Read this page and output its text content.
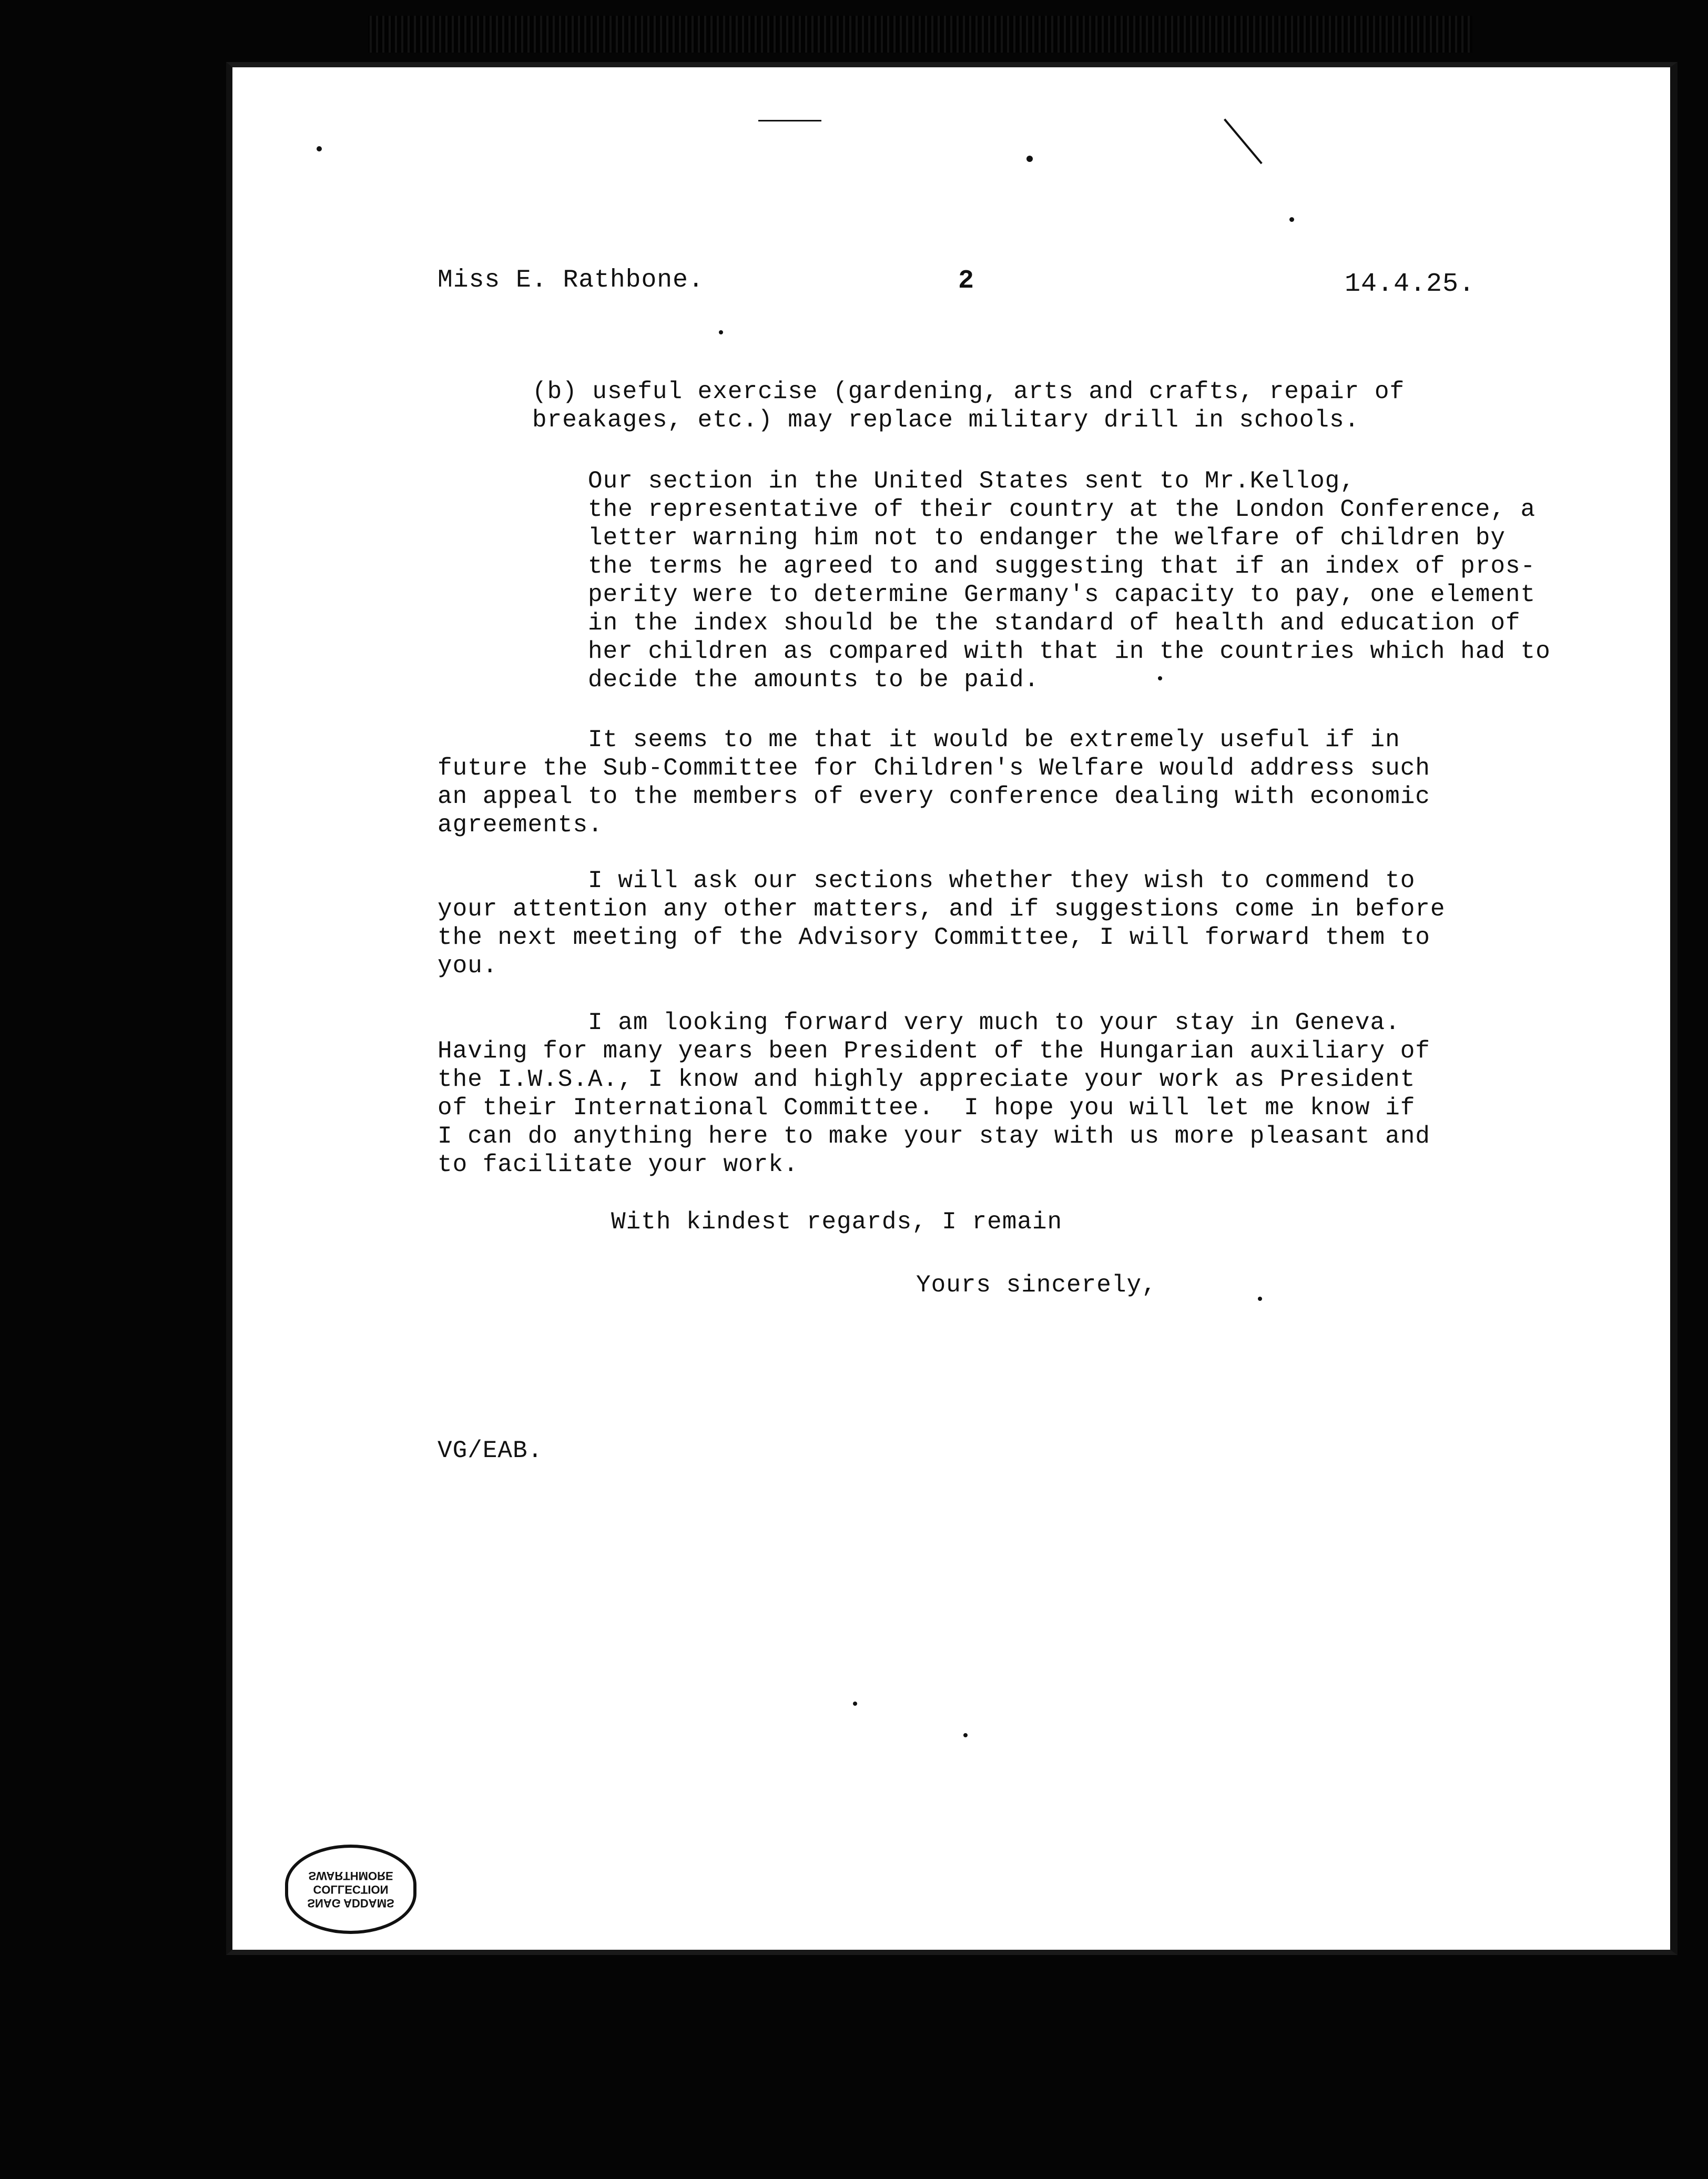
Miss E. Rathbone.	2	14.4.25.
(b) useful exercise (gardening, arts and crafts, repair of
breakages, etc.) may replace military drill in schools.
Our section in the United States sent to Mr.Kellog,
the representative of their country at the London Conference, a
letter warning him not to endanger the welfare of children by
the terms he agreed to and suggesting that if an index of pros-
perity were to determine Germany's capacity to pay, one element
in the index should be the standard of health and education of
her children as compared with that in the countries which had to
decide the amounts to be paid.
It seems to me that it would be extremely useful if in
future the Sub-Committee for Children's Welfare would address such
an appeal to the members of every conference dealing with economic
agreements.
I will ask our sections whether they wish to commend to
your attention any other matters, and if suggestions come in before
the next meeting of the Advisory Committee, I will forward them to
you.
I am looking forward very much to your stay in Geneva.
Having for many years been President of the Hungarian auxiliary of
the I.W.S.A., I know and highly appreciate your work as President
of their International Committee.  I hope you will let me know if
I can do anything here to make your stay with us more pleasant and
to facilitate your work.
With kindest regards, I remain
Yours sincerely,
VG/EAB.
SNAG ADDAMS
COLLECTION
SWARTHMORE
